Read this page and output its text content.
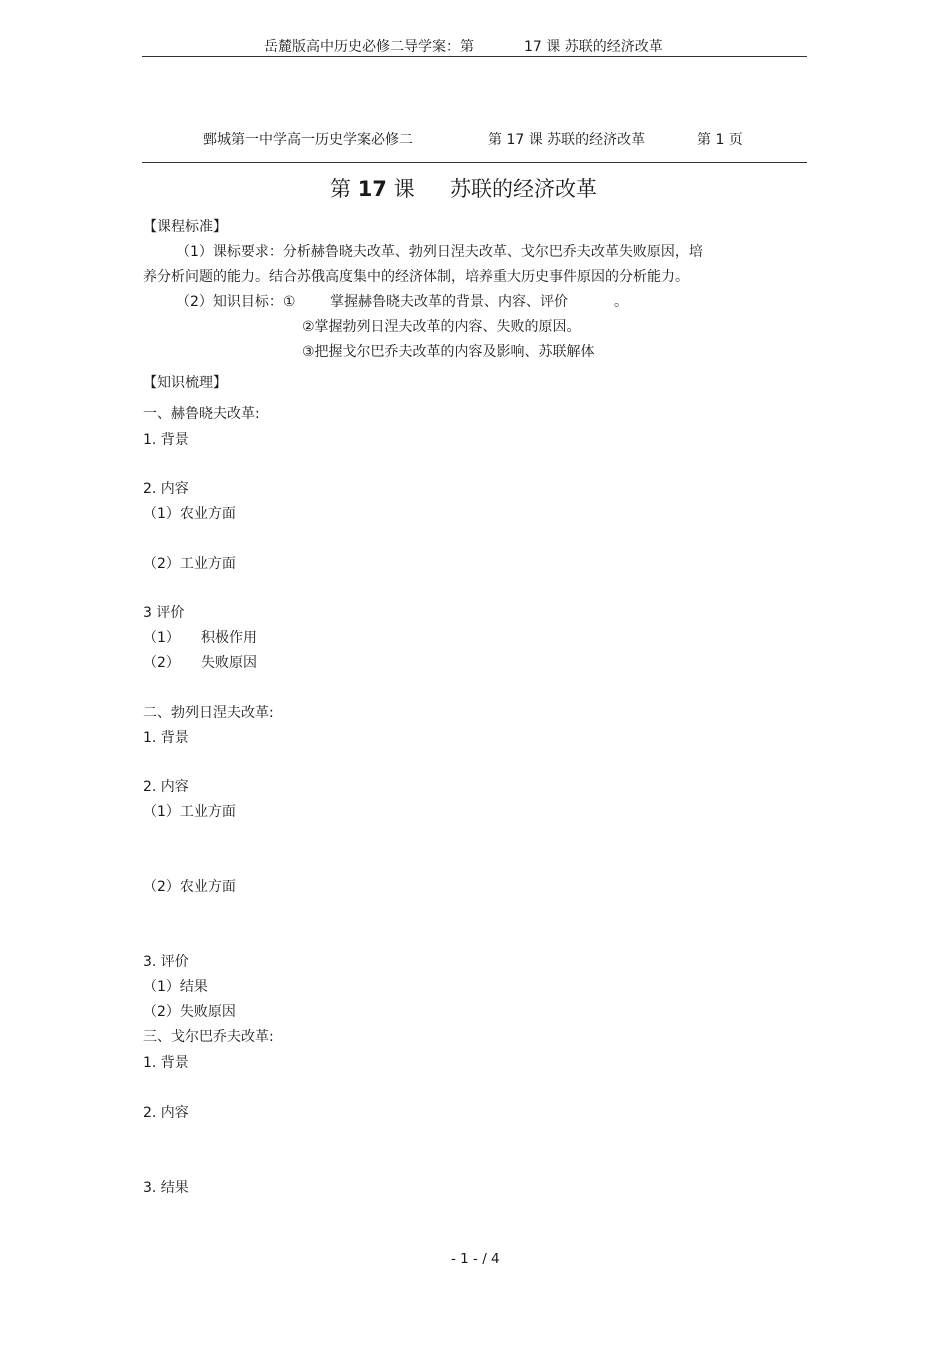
岳麓版高中历史必修二导学案：第	17 课 苏联的经济改革
鄄城第一中学高一历史学案必修二	第 17 课 苏联的经济改革	第 1 页
第 17 课 苏联的经济改革
【课程标准】
（1）课标要求：分析赫鲁晓夫改革、勃列日涅夫改革、戈尔巴乔夫改革失败原因，培
养分析问题的能力。结合苏俄高度集中的经济体制，培养重大历史事件原因的分析能力。
（2）知识目标：① 掌握赫鲁晓夫改革的背景、内容、评价	。
②掌握勃列日涅夫改革的内容、失败的原因。
③把握戈尔巴乔夫改革的内容及影响、苏联解体
【知识梳理】
一、赫鲁晓夫改革:
1. 背景
2. 内容
（1）农业方面
（2）工业方面
3 评价
（1） 积极作用
（2） 失败原因
二、勃列日涅夫改革:
1. 背景
2. 内容
（1）工业方面
（2）农业方面
3. 评价
（1）结果
（2）失败原因
三、戈尔巴乔夫改革:
1. 背景
2. 内容
3. 结果
- 1 - / 4
